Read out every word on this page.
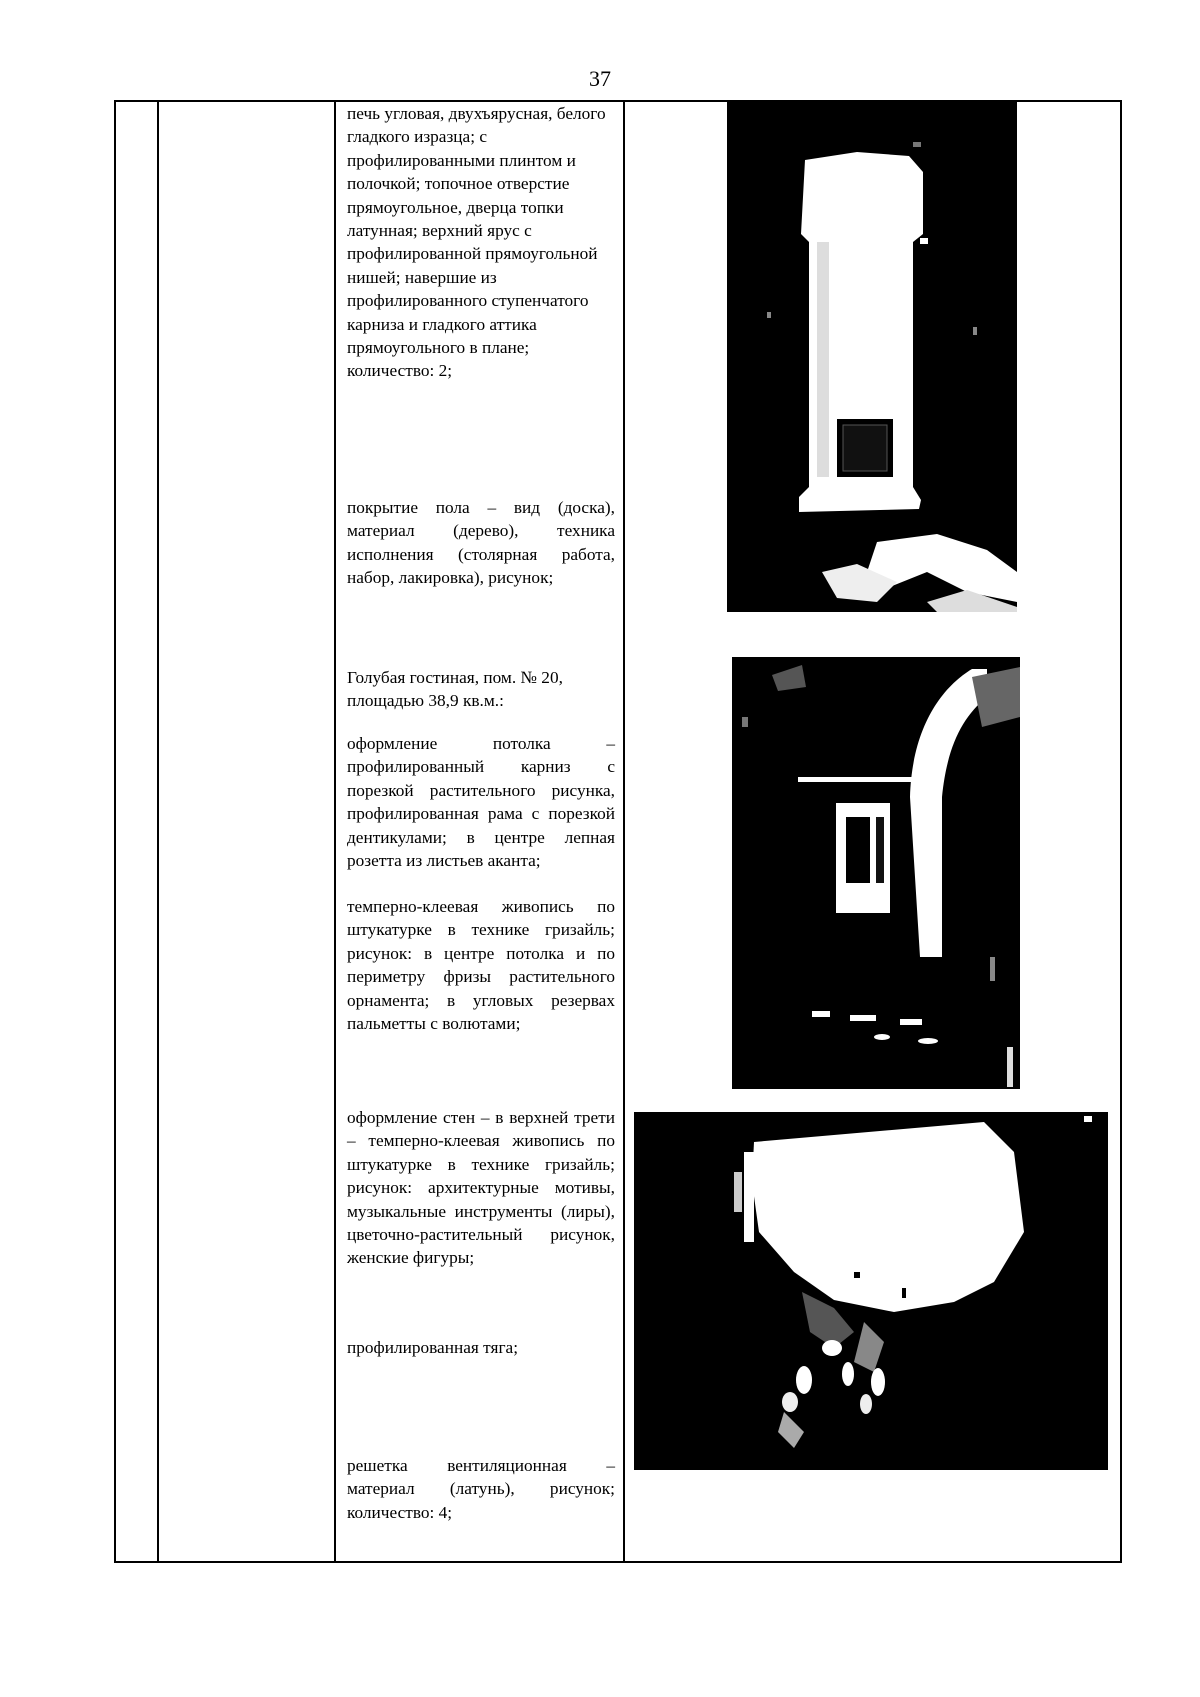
37

печь угловая, двухъярусная, белого гладкого изразца; с профилированными плинтом и полочкой; топочное отверстие прямоугольное, дверца топки латунная; верхний ярус с профилированной прямоугольной нишей; навершие из профилированного ступенчатого карниза и гладкого аттика прямоугольного в плане; количество: 2;

покрытие пола – вид (доска), материал (дерево), техника исполнения (столярная работа, набор, лакировка), рисунок;

Голубая гостиная, пом. № 20, площадью 38,9 кв.м.:

оформление потолка – профилированный карниз с порезкой растительного рисунка, профилированная рама с порезкой дентикулами; в центре лепная розетта из листьев аканта;

темперно-клеевая живопись по штукатурке в технике гризайль; рисунок: в центре потолка и по периметру фризы растительного орнамента; в угловых резервах пальметты с волютами;

оформление стен – в верхней трети – темперно-клеевая живопись по штукатурке в технике гризайль; рисунок: архитектурные мотивы, музыкальные инструменты (лиры), цветочно-растительный рисунок, женские фигуры;

профилированная тяга;

решетка вентиляционная – материал (латунь), рисунок; количество: 4;
